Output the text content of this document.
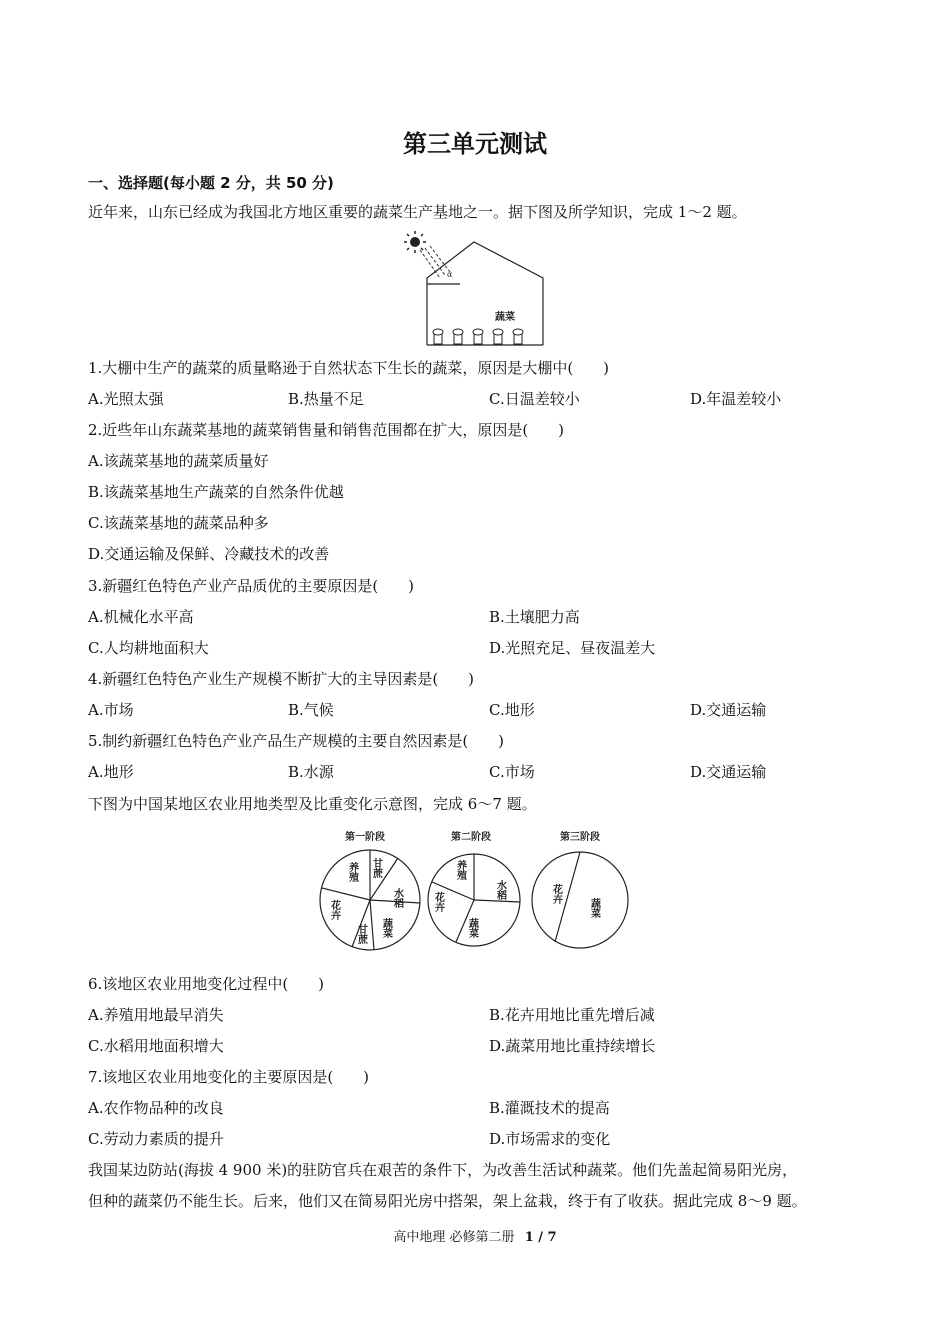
第三单元测试
一、选择题(每小题 2 分，共 50 分)
近年来，山东已经成为我国北方地区重要的蔬菜生产基地之一。据下图及所学知识，完成 1～2 题。
α
蔬菜
1.大棚中生产的蔬菜的质量略逊于自然状态下生长的蔬菜，原因是大棚中(　　)
A.光照太强	B.热量不足	C.日温差较小	D.年温差较小
2.近些年山东蔬菜基地的蔬菜销售量和销售范围都在扩大，原因是(　　)
A.该蔬菜基地的蔬菜质量好
B.该蔬菜基地生产蔬菜的自然条件优越
C.该蔬菜基地的蔬菜品种多
D.交通运输及保鲜、冷藏技术的改善
3.新疆红色特色产业产品质优的主要原因是(　　)
A.机械化水平高	B.土壤肥力高
C.人均耕地面积大	D.光照充足、昼夜温差大
4.新疆红色特色产业生产规模不断扩大的主导因素是(　　)
A.市场	B.气候	C.地形	D.交通运输
5.制约新疆红色特色产业产品生产规模的主要自然因素是(　　)
A.地形	B.水源	C.市场	D.交通运输
下图为中国某地区农业用地类型及比重变化示意图，完成 6～7 题。
第一阶段	第二阶段	第三阶段
养殖 甘蔗
水稻
花卉
甘蔗 蔬菜
养殖
水稻
花卉
蔬菜
花卉
蔬菜
6.该地区农业用地变化过程中(　　)
A.养殖用地最早消失	B.花卉用地比重先增后减
C.水稻用地面积增大	D.蔬菜用地比重持续增长
7.该地区农业用地变化的主要原因是(　　)
A.农作物品种的改良	B.灌溉技术的提高
C.劳动力素质的提升	D.市场需求的变化
我国某边防站(海拔 4 900 米)的驻防官兵在艰苦的条件下，为改善生活试种蔬菜。他们先盖起简易阳光房，
但种的蔬菜仍不能生长。后来，他们又在简易阳光房中搭架，架上盆栽，终于有了收获。据此完成 8～9 题。
高中地理 必修第二册 1 / 7
